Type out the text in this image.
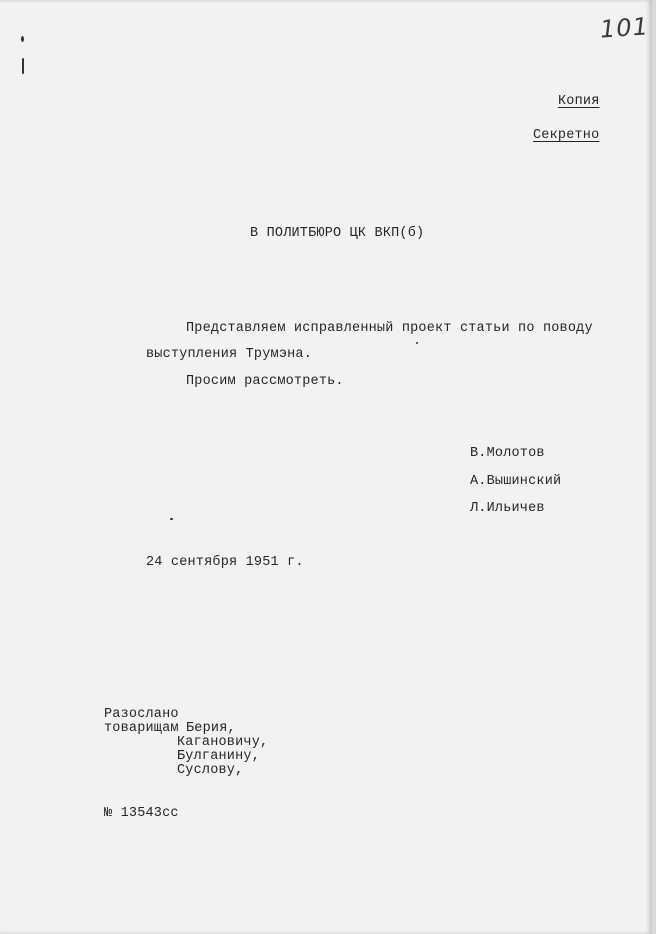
101
Копия
Секретно
В ПОЛИТБЮРО ЦК ВКП(б)
Представляем исправленный проект статьи по поводу
выступления Трумэна.
Просим рассмотреть.
В.Молотов
А.Вышинский
Л.Ильичев
24 сентября 1951 г.
Разослано
товарищам Берия,
Кагановичу,
Булганину,
Суслову,
№ 13543сс
